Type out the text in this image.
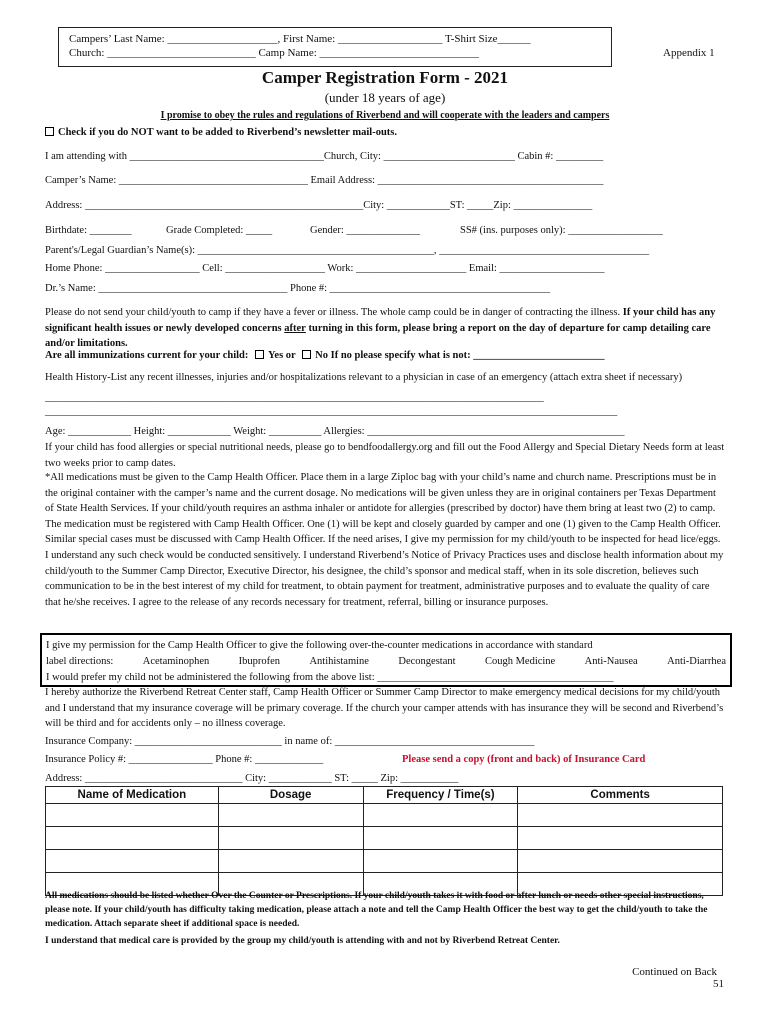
Campers’ Last Name: ____________________, First Name: ___________________ T-Shirt Size______
Church: ___________________________ Camp Name: _____________________________	Appendix 1
Camper Registration Form - 2021
(under 18 years of age)
I promise to obey the rules and regulations of Riverbend and will cooperate with the leaders and campers
Check if you do NOT want to be added to Riverbend’s newsletter mail-outs.
I am attending with _____________________________________Church, City: _________________________ Cabin #: _________
Camper’s Name: ____________________________________ Email Address: ___________________________________________
Address: _____________________________________________________City: ____________ST: _____Zip: _______________
Birthdate: ________	Grade Completed: _____	Gender: ______________	SS# (ins. purposes only): __________________
Parent's/Legal Guardian’s Name(s): _____________________________________________, ________________________________________
Home Phone: __________________ Cell: ___________________ Work: _____________________ Email: ____________________
Dr.’s Name: ____________________________________ Phone #: __________________________________________
Please do not send your child/youth to camp if they have a fever or illness. The whole camp could be in danger of contracting the illness. If your child has any significant health issues or newly developed concerns after turning in this form, please bring a report on the day of departure for camp detailing care and/or limitations.
Are all immunizations current for your child: Yes or No If no please specify what is not: _________________________
Health History-List any recent illnesses, injuries and/or hospitalizations relevant to a physician in case of an emergency (attach extra sheet if necessary) _______________________________________________________________________________________________
_____________________________________________________________________________________________________________
Age: ____________ Height: ____________ Weight: __________ Allergies: _________________________________________________
If your child has food allergies or special nutritional needs, please go to bendfoodallergy.org and fill out the Food Allergy and Special Dietary Needs form at least two weeks prior to camp dates.
*All medications must be given to the Camp Health Officer. Place them in a large Ziploc bag with your child’s name and church name. Prescriptions must be in the original container with the camper’s name and the current dosage. No medications will be given unless they are in original containers per Texas Department of State Health Services. If your child/youth requires an asthma inhaler or antidote for allergies (prescribed by doctor) have them bring at least two (2) to camp. The medication must be registered with Camp Health Officer. One (1) will be kept and closely guarded by camper and one (1) given to the Camp Health Officer. Similar special cases must be discussed with Camp Health Officer. If the need arises, I give my permission for my child/youth to be inspected for head lice/eggs. I understand any such check would be conducted sensitively. I understand Riverbend’s Notice of Privacy Practices uses and disclose health information about my child/youth to the Summer Camp Director, Executive Director, his designee, the child’s sponsor and medical staff, when in its sole discretion, believes such communication to be in the best interest of my child for treatment, to obtain payment for treatment, administrative purposes and to evaluate the quality of care that he/she receives. I agree to the release of any records necessary for treatment, referral, billing or insurance purposes.
I give my permission for the Camp Health Officer to give the following over-the-counter medications in accordance with standard
label directions:	Acetaminophen	Ibuprofen	Antihistamine	Decongestant	Cough Medicine	Anti-Nausea	Anti-Diarrhea
I would prefer my child not be administered the following from the above list: _____________________________________________
I hereby authorize the Riverbend Retreat Center staff, Camp Health Officer or Summer Camp Director to make emergency medical decisions for my child/youth and I understand that my insurance coverage will be primary coverage. If the church your camper attends with has insurance they will be second and Riverbend’s will be third and for accidents only – no illness coverage.
Insurance Company: ____________________________ in name of: ______________________________________
Insurance Policy #: ________________ Phone #: _____________	Please send a copy (front and back) of Insurance Card
Address: ______________________________ City: ____________ ST: _____ Zip: ___________
Name of Medication	Dosage	Frequency / Time(s)	Comments

All medications should be listed whether Over the Counter or Prescriptions. If your child/youth takes it with food or after lunch or needs other special instructions, please note. If your child/youth has difficulty taking medication, please attach a note and tell the Camp Health Officer the best way to get the child/youth to take the medication. Attach separate sheet if additional space is needed.
I understand that medical care is provided by the group my child/youth is attending with and not by Riverbend Retreat Center.
Continued on Back
51
